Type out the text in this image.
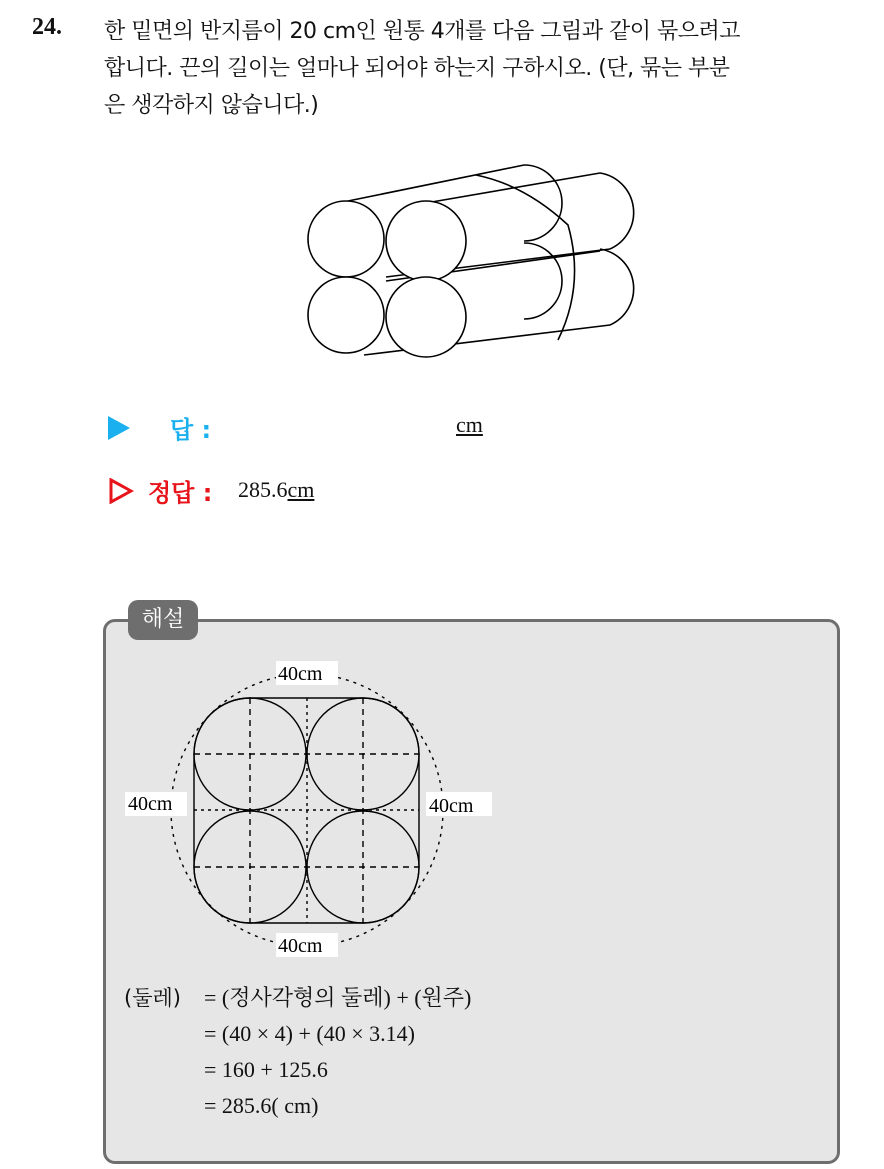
24. 한 밑면의 반지름이 20 cm인 원통 4개를 다음 그림과 같이 묶으려고
합니다. 끈의 길이는 얼마나 되어야 하는지 구하시오. (단, 묶는 부분
은 생각하지 않습니다.)
답 :	cm
정답 : 285.6cm
해설
40cm
40cm	40cm
40cm
(둘레) = (정사각형의 둘레) + (원주)
= (40 × 4) + (40 × 3.14)
= 160 + 125.6
= 285.6( cm)
